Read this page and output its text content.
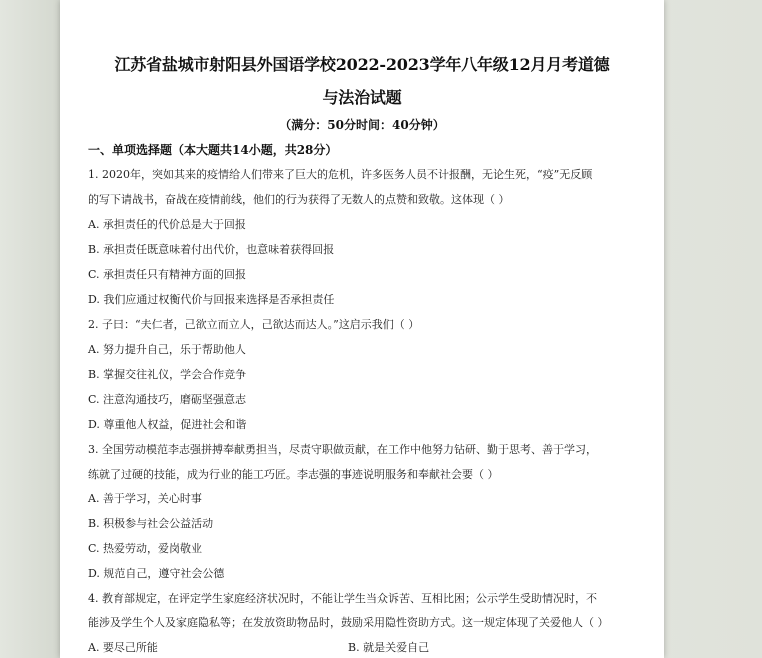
江苏省盐城市射阳县外国语学校2022-2023学年八年级12月月考道德
与法治试题
（满分：50分时间：40分钟）
一、单项选择题（本大题共14小题，共28分）
1. 2020年，突如其来的疫情给人们带来了巨大的危机，许多医务人员不计报酬，无论生死，“疫”无反顾
的写下请战书，奋战在疫情前线，他们的行为获得了无数人的点赞和致敬。这体现（ ）
A. 承担责任的代价总是大于回报
B. 承担责任既意味着付出代价，也意味着获得回报
C. 承担责任只有精神方面的回报
D. 我们应通过权衡代价与回报来选择是否承担责任
2. 子曰：“夫仁者，己欲立而立人，己欲达而达人。”这启示我们（ ）
A. 努力提升自己，乐于帮助他人
B. 掌握交往礼仪，学会合作竞争
C. 注意沟通技巧，磨砺坚强意志
D. 尊重他人权益，促进社会和谐
3. 全国劳动模范李志强拼搏奉献勇担当，尽责守职做贡献，在工作中他努力钻研、勤于思考、善于学习，
练就了过硬的技能，成为行业的能工巧匠。李志强的事迹说明服务和奉献社会要（ ）
A. 善于学习，关心时事
B. 积极参与社会公益活动
C. 热爱劳动，爱岗敬业
D. 规范自己，遵守社会公德
4. 教育部规定，在评定学生家庭经济状况时，不能让学生当众诉苦、互相比困；公示学生受助情况时，不
能涉及学生个人及家庭隐私等；在发放资助物品时，鼓励采用隐性资助方式。这一规定体现了关爱他人（ ）
A. 要尽己所能	B. 就是关爱自己
